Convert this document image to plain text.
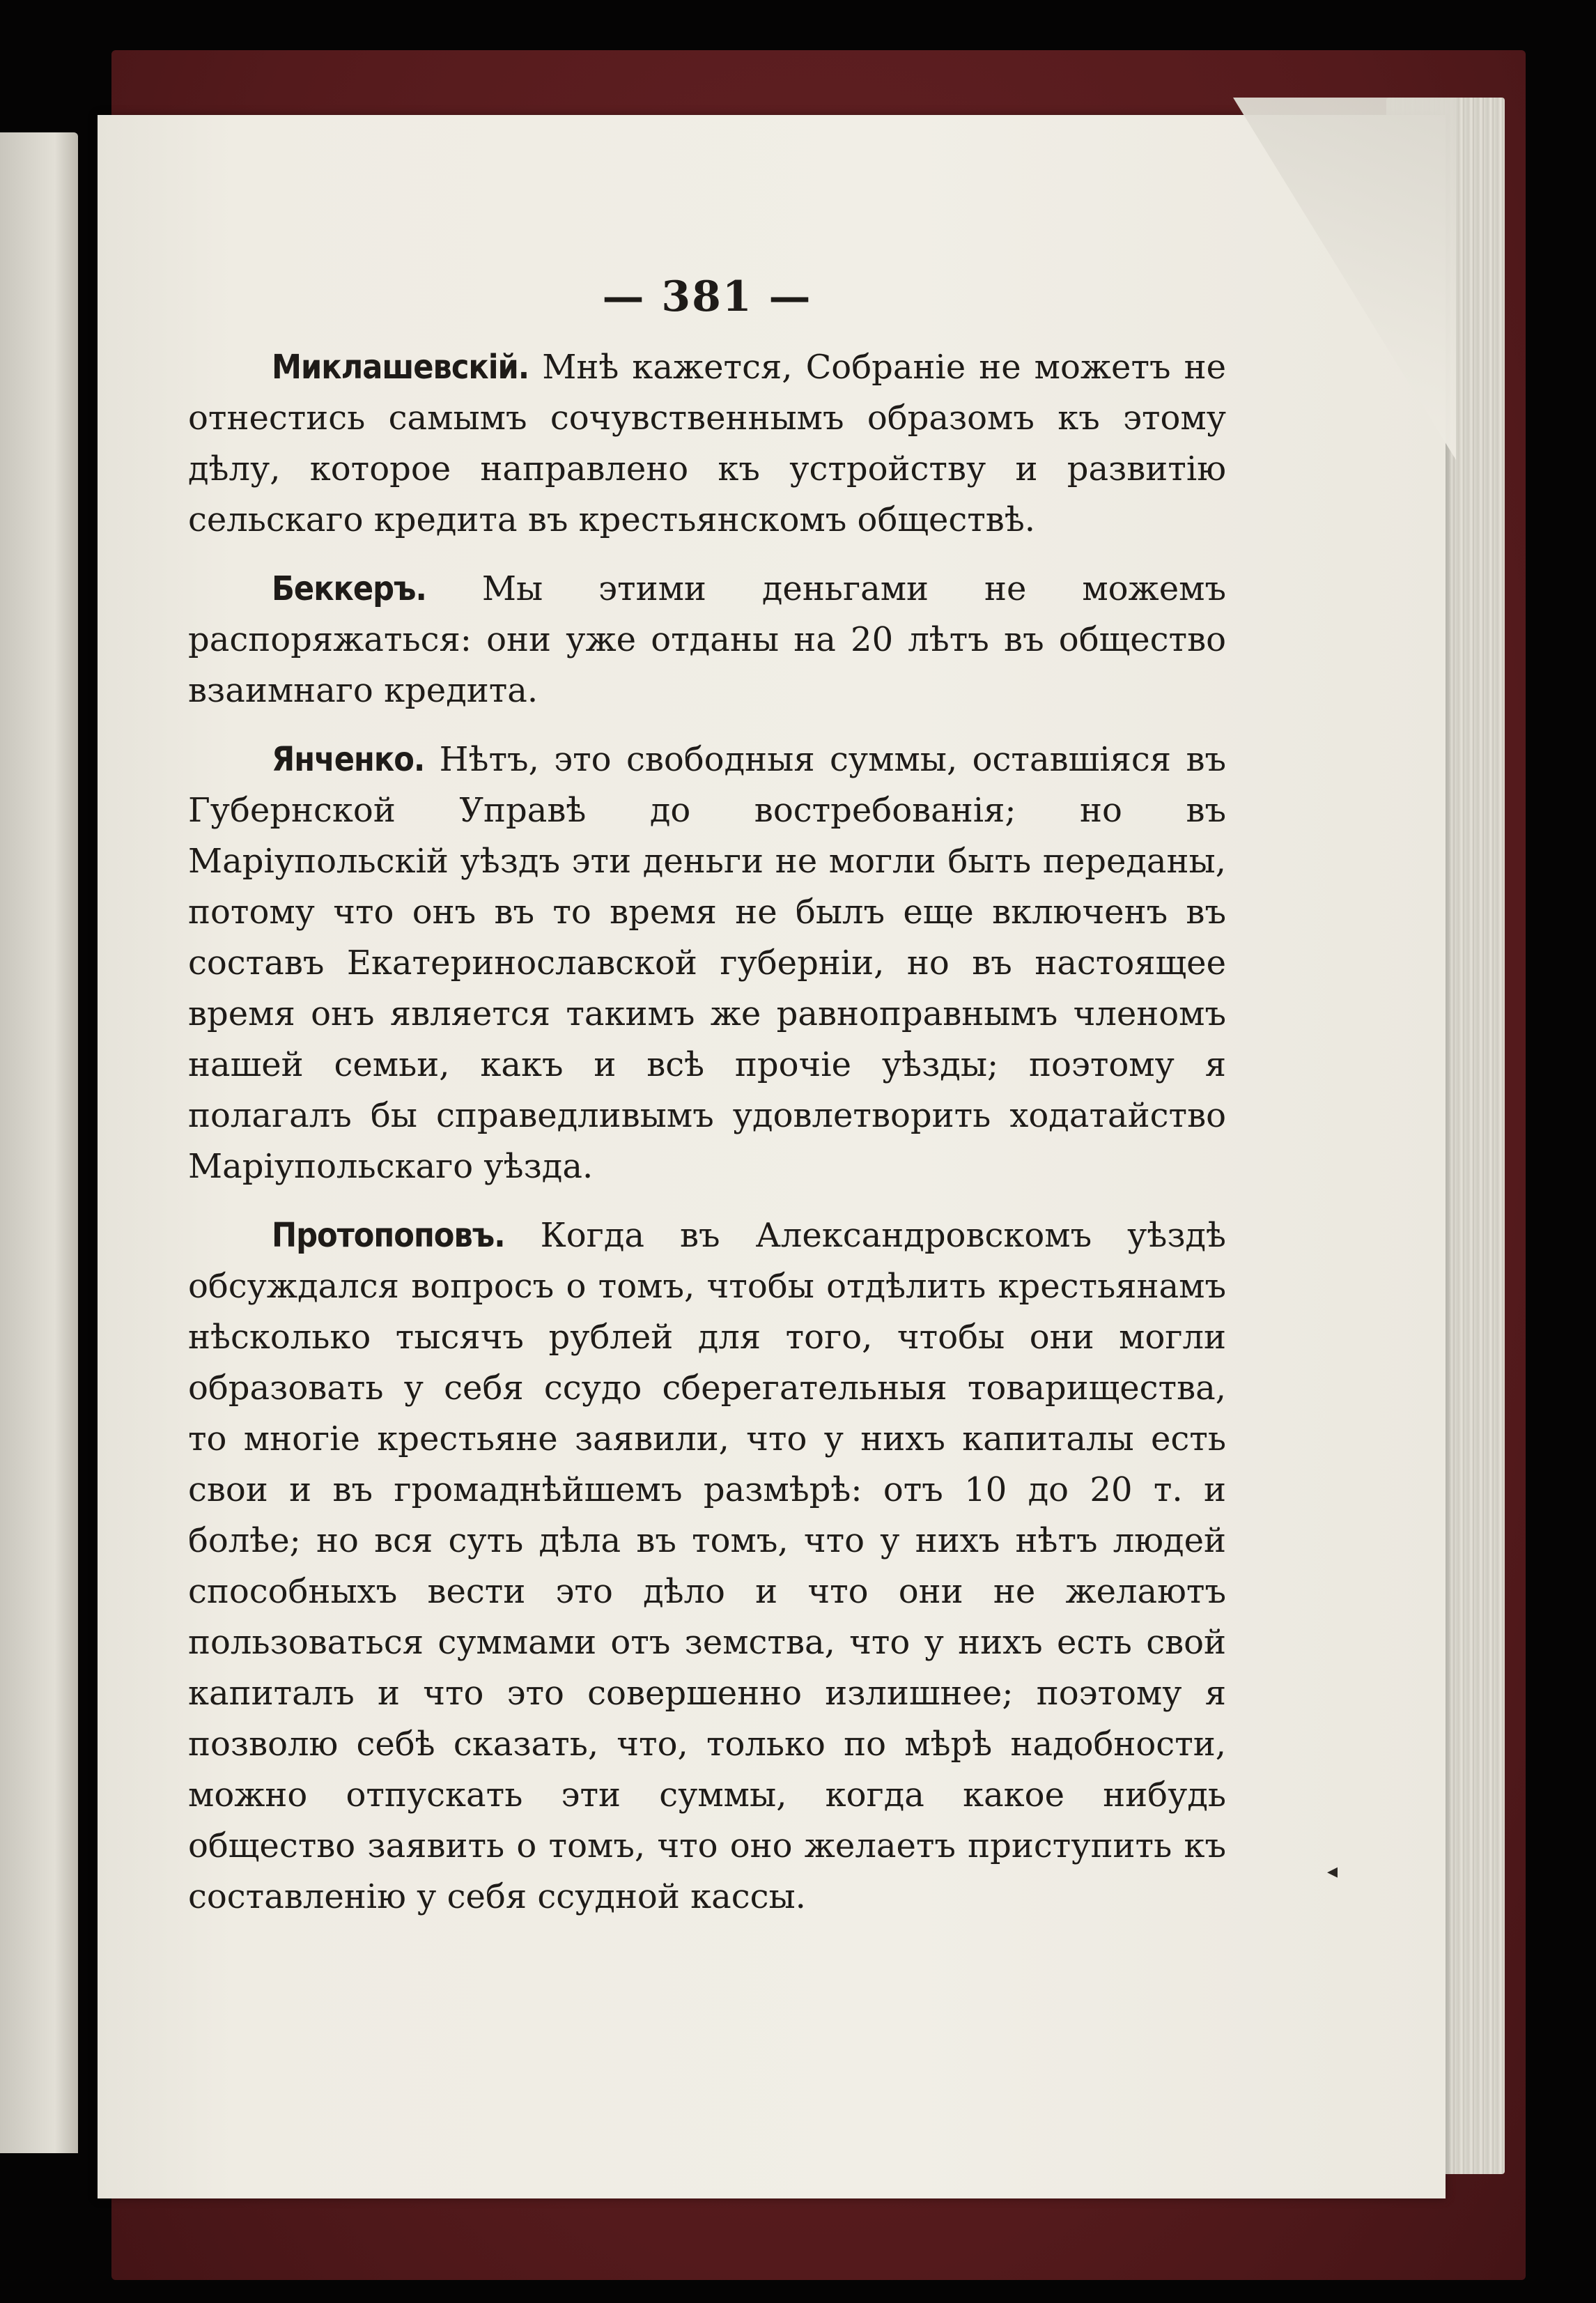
— 381 —

Миклашевскій. Мнѣ кажется, Собраніе не можетъ не отнестись самымъ сочувственнымъ образомъ къ этому дѣлу, которое направлено къ устройству и развитію сельскаго кредита въ крестьянскомъ обществѣ.

Беккеръ. Мы этими деньгами не можемъ распоряжаться: они уже отданы на 20 лѣтъ въ общество взаимнаго кредита.

Янченко. Нѣтъ, это свободныя суммы, оставшіяся въ Губернской Управѣ до востребованія; но въ Маріупольскій уѣздъ эти деньги не могли быть переданы, потому что онъ въ то время не былъ еще включенъ въ составъ Екатеринославской губерніи, но въ настоящее время онъ является такимъ же равноправнымъ членомъ нашей семьи, какъ и всѣ прочіе уѣзды; поэтому я полагалъ бы справедливымъ удовлетворить ходатайство Маріупольскаго уѣзда.

Протопоповъ. Когда въ Александровскомъ уѣздѣ обсуждался вопросъ о томъ, чтобы отдѣлить крестьянамъ нѣсколько тысячъ рублей для того, чтобы они могли образовать у себя ссудо сберегательныя товарищества, то многіе крестьяне заявили, что у нихъ капиталы есть свои и въ громаднѣйшемъ размѣрѣ: отъ 10 до 20 т. и болѣе; но вся суть дѣла въ томъ, что у нихъ нѣтъ людей способныхъ вести это дѣло и что они не желаютъ пользоваться суммами отъ земства, что у нихъ есть свой капиталъ и что это совершенно излишнее; поэтому я позволю себѣ сказать, что, только по мѣрѣ надобности, можно отпускать эти суммы, когда какое нибудь общество заявить о томъ, что оно желаетъ приступить къ составленію у себя ссудной кассы.

◂
